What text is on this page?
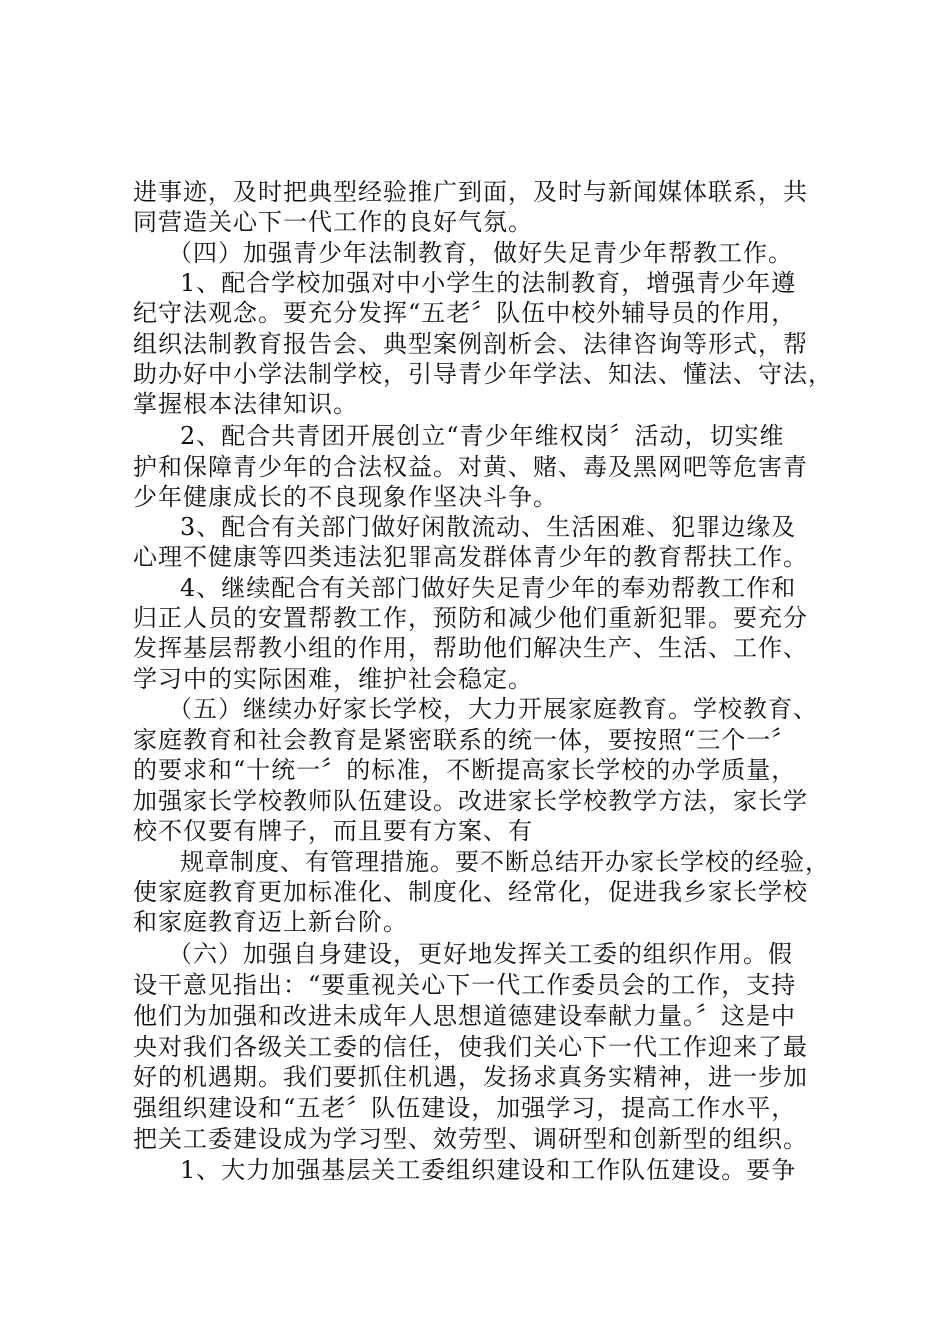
进事迹，及时把典型经验推广到面，及时与新闻媒体联系，共
同营造关心下一代工作的良好气氛。
（四）加强青少年法制教育，做好失足青少年帮教工作。
1、配合学校加强对中小学生的法制教育，增强青少年遵
纪守法观念。要充分发挥“五老〞队伍中校外辅导员的作用，
组织法制教育报告会、典型案例剖析会、法律咨询等形式，帮
助办好中小学法制学校，引导青少年学法、知法、懂法、守法，
掌握根本法律知识。
2、配合共青团开展创立“青少年维权岗〞活动，切实维
护和保障青少年的合法权益。对黄、赌、毒及黑网吧等危害青
少年健康成长的不良现象作坚决斗争。
3、配合有关部门做好闲散流动、生活困难、犯罪边缘及
心理不健康等四类违法犯罪高发群体青少年的教育帮扶工作。
4、继续配合有关部门做好失足青少年的奉劝帮教工作和
归正人员的安置帮教工作，预防和减少他们重新犯罪。要充分
发挥基层帮教小组的作用，帮助他们解决生产、生活、工作、
学习中的实际困难，维护社会稳定。
（五）继续办好家长学校，大力开展家庭教育。学校教育、
家庭教育和社会教育是紧密联系的统一体，要按照“三个一〞
的要求和“十统一〞的标准，不断提高家长学校的办学质量，
加强家长学校教师队伍建设。改进家长学校教学方法，家长学
校不仅要有牌子，而且要有方案、有
规章制度、有管理措施。要不断总结开办家长学校的经验，
使家庭教育更加标准化、制度化、经常化，促进我乡家长学校
和家庭教育迈上新台阶。
（六）加强自身建设，更好地发挥关工委的组织作用。假
设干意见指出：“要重视关心下一代工作委员会的工作，支持
他们为加强和改进未成年人思想道德建设奉献力量。〞这是中
央对我们各级关工委的信任，使我们关心下一代工作迎来了最
好的机遇期。我们要抓住机遇，发扬求真务实精神，进一步加
强组织建设和“五老〞队伍建设，加强学习，提高工作水平，
把关工委建设成为学习型、效劳型、调研型和创新型的组织。
1、大力加强基层关工委组织建设和工作队伍建设。要争
